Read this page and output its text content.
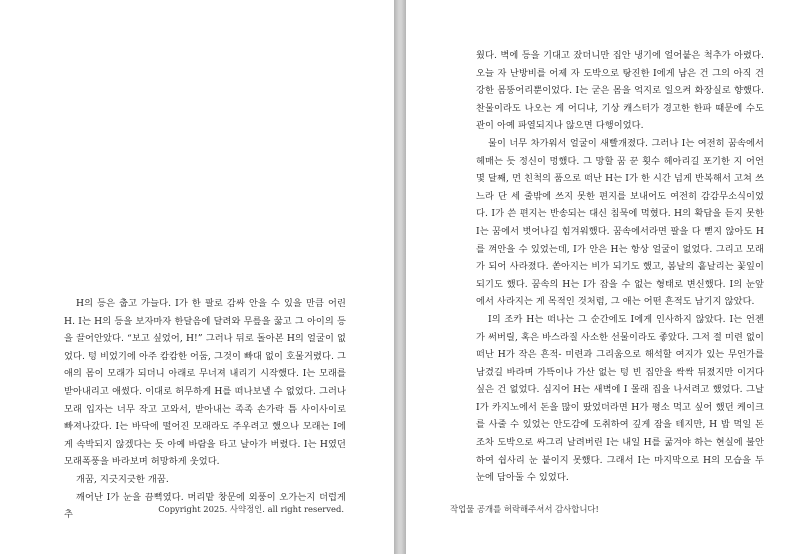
H의 등은 춥고 가늘다. I가 한 팔로 감싸 안을 수 있을 만큼 어린 H. I는 H의 등을 보자마자 한달음에 달려와 무릎을 꿇고 그 아이의 등을 끌어안았다. “보고 싶었어, H!” 그러나 뒤로 돌아본 H의 얼굴이 없었다. 텅 비었기에 아주 캄캄한 어둠, 그것이 빠대 없이 호물거렸다. 그 애의 몸이 모래가 되더니 아래로 무너져 내리기 시작했다. I는 모래를 받아내리고 애썼다. 이대로 허무하게 H를 떠나보낼 수 없었다. 그러나 모래 입자는 너무 작고 고와서, 받아내는 족족 손가락 틈 사이사이로 빠져나갔다. I는 바닥에 떨어진 모래라도 주우려고 했으나 모래는 I에게 속박되지 않겠다는 듯 아예 바람을 타고 날아가 버렸다. I는 H였던 모래폭풍을 바라보며 허망하게 웃었다.

개꿈, 지긋지긋한 개꿈.

깨어난 I가 눈을 끔뻑였다. 머리맡 창문에 외풍이 오가는지 더럽게 추

Copyright 2025. 사약정인. all right reserved.

웠다. 벽에 등을 기대고 잤더니만 집안 냉기에 얼어붙은 척추가 아렸다. 오늘 자 난방비를 어제 자 도박으로 탕진한 I에게 남은 건 그의 아직 건강한 몸뚱어리뿐이었다. I는 굳은 몸을 억지로 일으켜 화장실로 향했다. 찬물이라도 나오는 게 어디냐, 기상 캐스터가 경고한 한파 때문에 수도관이 아예 파열되지나 않으면 다행이었다.

물이 너무 차가워서 얼굴이 새빨개졌다. 그러나 I는 여전히 꿈속에서 헤매는 듯 정신이 멍했다. 그 망할 꿈 꾼 횟수 헤아리길 포기한 지 어언 몇 달째, 먼 친척의 품으로 떠난 H는 I가 한 시간 넘게 반복해서 고쳐 쓰느라 단 세 줄밖에 쓰지 못한 편지를 보내어도 여전히 감감무소식이었다. I가 쓴 편지는 반송되는 대신 침묵에 먹혔다. H의 확답을 듣지 못한 I는 꿈에서 벗어나길 힘겨워했다. 꿈속에서라면 팔을 다 뻗지 않아도 H를 껴안을 수 있었는데, I가 안은 H는 항상 얼굴이 없었다. 그리고 모래가 되어 사라졌다. 쏟아지는 비가 되기도 했고, 봄날의 흩날리는 꽃잎이 되기도 했다. 꿈속의 H는 I가 잡을 수 없는 형태로 변신했다. I의 눈앞에서 사라지는 게 목적인 것처럼, 그 애는 어떤 흔적도 남기지 않았다.

I의 조카 H는 떠나는 그 순간에도 I에게 인사하지 않았다. I는 언젠가 써버릴, 혹은 바스라질 사소한 선물이라도 좋았다. 그저 절 미련 없이 떠난 H가 작은 흔적- 미련과 그리움으로 해석할 여지가 있는 무언가를 남겼길 바라며 가뜩이나 가산 없는 텅 빈 집안을 싹싹 뒤졌지만 이거다 싶은 건 없었다. 심지어 H는 새벽에 I 몰래 집을 나서려고 했었다. 그날 I가 카지노에서 돈을 많이 땄었더라면 H가 평소 먹고 싶어 했던 케이크를 사줄 수 있었는 안도감에 도취하여 깊게 잠을 테지만, H 밥 먹일 돈조차 도박으로 싸그리 날려버린 I는 내일 H를 굶겨야 하는 현실에 불안하여 쉽사리 눈 붙이지 못했다. 그래서 I는 마지막으로 H의 모습을 두 눈에 담아둘 수 있었다.

작업물 공개를 허락해주셔서 감사합니다!
